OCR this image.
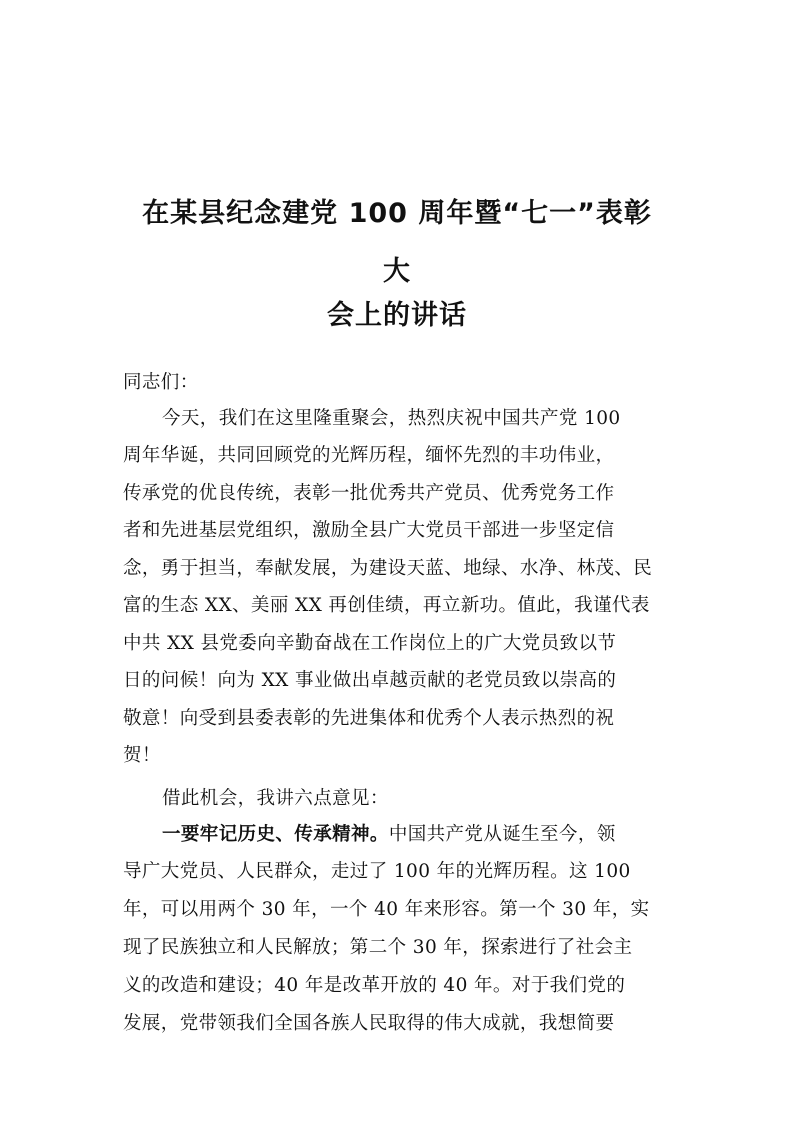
在某县纪念建党 100 周年暨“七一”表彰
大
会上的讲话
同志们：
今天，我们在这里隆重聚会，热烈庆祝中国共产党 100
周年华诞，共同回顾党的光辉历程，缅怀先烈的丰功伟业，
传承党的优良传统，表彰一批优秀共产党员、优秀党务工作
者和先进基层党组织，激励全县广大党员干部进一步坚定信
念，勇于担当，奉献发展，为建设天蓝、地绿、水净、林茂、民
富的生态 XX、美丽 XX 再创佳绩，再立新功。值此，我谨代表
中共 XX 县党委向辛勤奋战在工作岗位上的广大党员致以节
日的问候！向为 XX 事业做出卓越贡献的老党员致以崇高的
敬意！向受到县委表彰的先进集体和优秀个人表示热烈的祝
贺！
借此机会，我讲六点意见：
一要牢记历史、传承精神。中国共产党从诞生至今，领
导广大党员、人民群众，走过了 100 年的光辉历程。这 100
年，可以用两个 30 年，一个 40 年来形容。第一个 30 年，实
现了民族独立和人民解放；第二个 30 年，探索进行了社会主
义的改造和建设；40 年是改革开放的 40 年。对于我们党的
发展，党带领我们全国各族人民取得的伟大成就，我想简要
